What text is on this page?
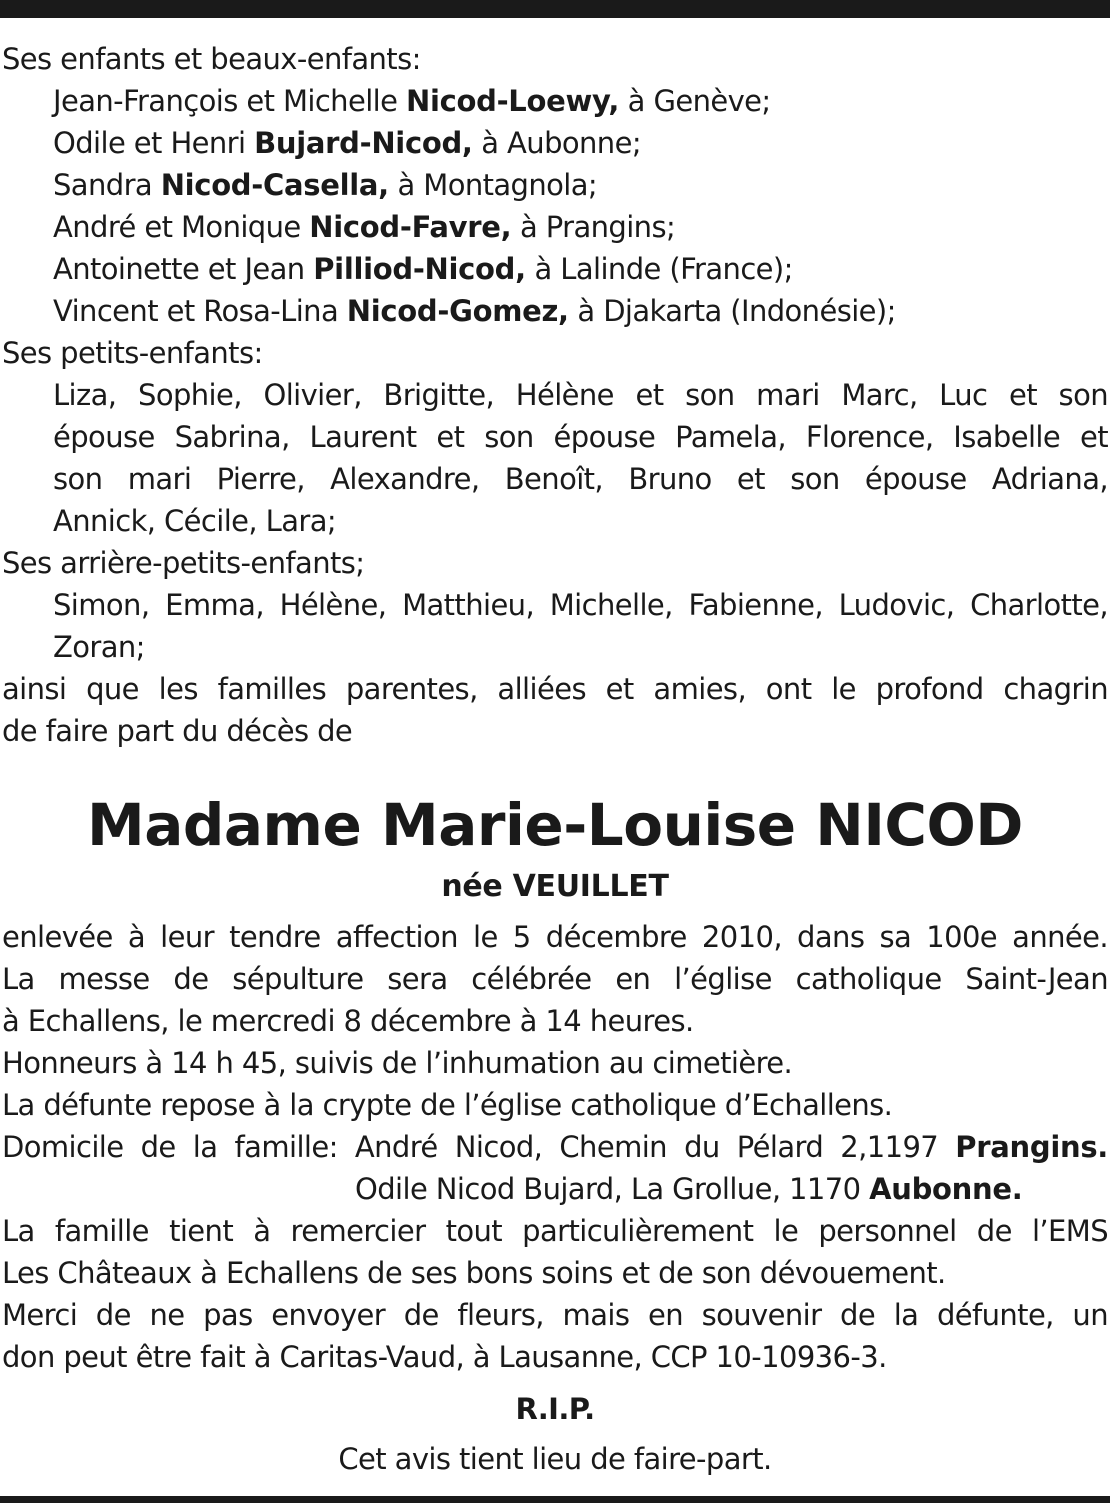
Ses enfants et beaux-enfants:
Jean-François et Michelle Nicod-Loewy, à Genève;
Odile et Henri Bujard-Nicod, à Aubonne;
Sandra Nicod-Casella, à Montagnola;
André et Monique Nicod-Favre, à Prangins;
Antoinette et Jean Pilliod-Nicod, à Lalinde (France);
Vincent et Rosa-Lina Nicod-Gomez, à Djakarta (Indonésie);
Ses petits-enfants:
Liza, Sophie, Olivier, Brigitte, Hélène et son mari Marc, Luc et son
épouse Sabrina, Laurent et son épouse Pamela, Florence, Isabelle et
son mari Pierre, Alexandre, Benoît, Bruno et son épouse Adriana,
Annick, Cécile, Lara;
Ses arrière-petits-enfants;
Simon, Emma, Hélène, Matthieu, Michelle, Fabienne, Ludovic, Charlotte,
Zoran;
ainsi que les familles parentes, alliées et amies, ont le profond chagrin
de faire part du décès de
Madame Marie-Louise NICOD
née VEUILLET
enlevée à leur tendre affection le 5 décembre 2010, dans sa 100e année.
La messe de sépulture sera célébrée en l’église catholique Saint-Jean
à Echallens, le mercredi 8 décembre à 14 heures.
Honneurs à 14 h 45, suivis de l’inhumation au cimetière.
La défunte repose à la crypte de l’église catholique d’Echallens.
Domicile de la famille: André Nicod, Chemin du Pélard 2,1197 Prangins.
Odile Nicod Bujard, La Grollue, 1170 Aubonne.
La famille tient à remercier tout particulièrement le personnel de l’EMS
Les Châteaux à Echallens de ses bons soins et de son dévouement.
Merci de ne pas envoyer de fleurs, mais en souvenir de la défunte, un
don peut être fait à Caritas-Vaud, à Lausanne, CCP 10-10936-3.
R.I.P.
Cet avis tient lieu de faire-part.
